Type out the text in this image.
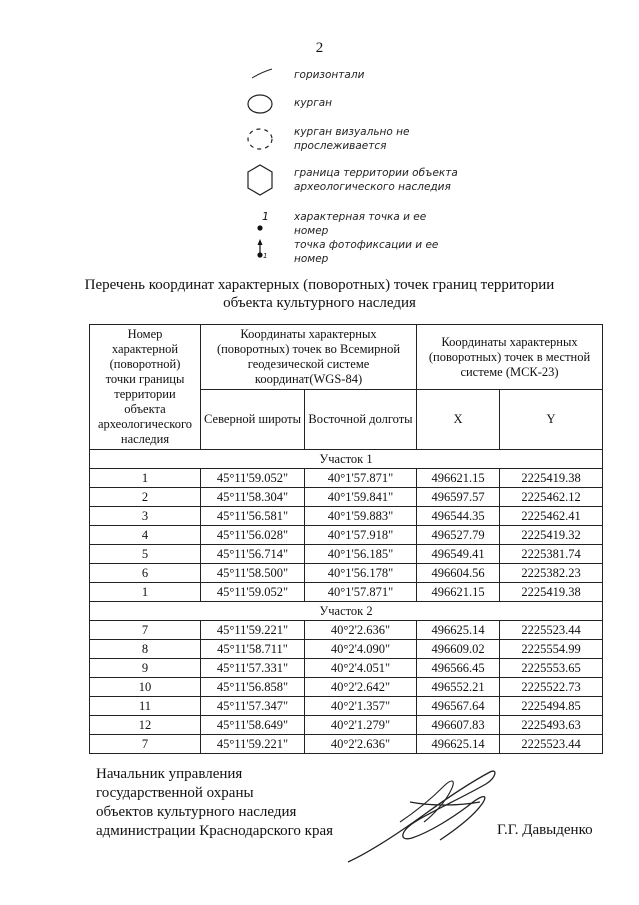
2
горизонтали
курган
курган визуально не
прослеживается
граница территории объекта
археологического наследия
1 характерная точка и ее
номер
1
точка фотофиксации и ее
номер
Перечень координат характерных (поворотных) точек границ территории объекта культурного наследия
Номер характерной (поворотной) точки границы территории объекта археологического наследия	Координаты характерных (поворотных) точек во Всемирной геодезической системе координат(WGS-84)		Координаты характерных (поворотных) точек в местной системе (МСК-23)	
	Северной широты	Восточной долготы	X	Y
Участок 1				
1	45°11'59.052"	40°1'57.871"	496621.15	2225419.38
2	45°11'58.304"	40°1'59.841"	496597.57	2225462.12
3	45°11'56.581"	40°1'59.883"	496544.35	2225462.41
4	45°11'56.028"	40°1'57.918"	496527.79	2225419.32
5	45°11'56.714"	40°1'56.185"	496549.41	2225381.74
6	45°11'58.500"	40°1'56.178"	496604.56	2225382.23
1	45°11'59.052"	40°1'57.871"	496621.15	2225419.38
Участок 2				
7	45°11'59.221"	40°2'2.636"	496625.14	2225523.44
8	45°11'58.711"	40°2'4.090"	496609.02	2225554.99
9	45°11'57.331"	40°2'4.051"	496566.45	2225553.65
10	45°11'56.858"	40°2'2.642"	496552.21	2225522.73
11	45°11'57.347"	40°2'1.357"	496567.64	2225494.85
12	45°11'58.649"	40°2'1.279"	496607.83	2225493.63
7	45°11'59.221"	40°2'2.636"	496625.14	2225523.44
Начальник управления
государственной охраны
объектов культурного наследия
администрации Краснодарского края	Г.Г. Давыденко
